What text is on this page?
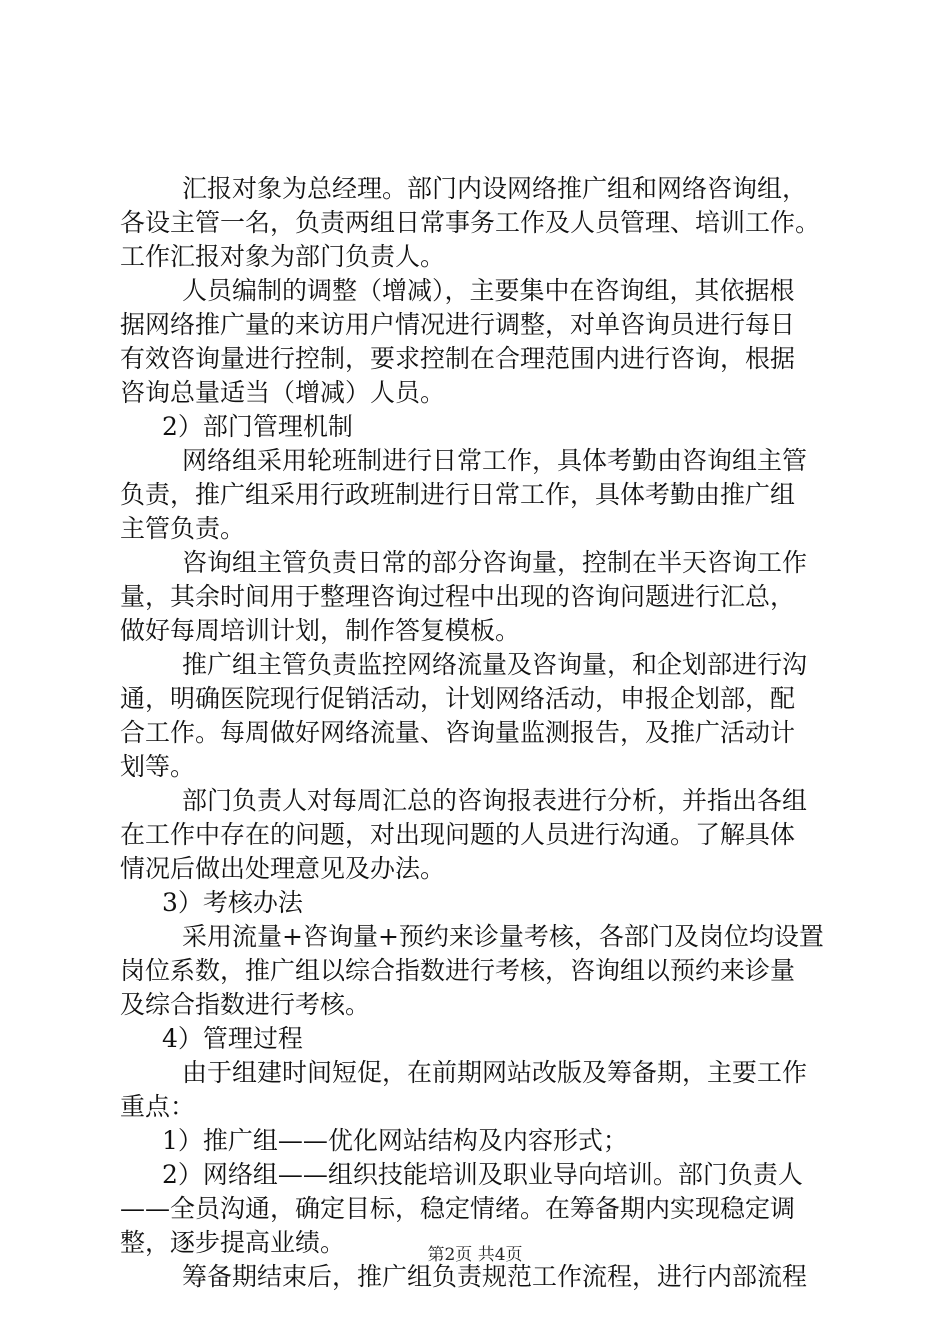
汇报对象为总经理。部门内设网络推广组和网络咨询组，
各设主管一名，负责两组日常事务工作及人员管理、培训工作。
工作汇报对象为部门负责人。
人员编制的调整（增减），主要集中在咨询组，其依据根
据网络推广量的来访用户情况进行调整，对单咨询员进行每日
有效咨询量进行控制，要求控制在合理范围内进行咨询，根据
咨询总量适当（增减）人员。
2）部门管理机制
网络组采用轮班制进行日常工作，具体考勤由咨询组主管
负责，推广组采用行政班制进行日常工作，具体考勤由推广组
主管负责。
咨询组主管负责日常的部分咨询量，控制在半天咨询工作
量，其余时间用于整理咨询过程中出现的咨询问题进行汇总，
做好每周培训计划，制作答复模板。
推广组主管负责监控网络流量及咨询量，和企划部进行沟
通，明确医院现行促销活动，计划网络活动，申报企划部，配
合工作。每周做好网络流量、咨询量监测报告，及推广活动计
划等。
部门负责人对每周汇总的咨询报表进行分析，并指出各组
在工作中存在的问题，对出现问题的人员进行沟通。了解具体
情况后做出处理意见及办法。
3）考核办法
采用流量+咨询量+预约来诊量考核，各部门及岗位均设置
岗位系数，推广组以综合指数进行考核，咨询组以预约来诊量
及综合指数进行考核。
4）管理过程
由于组建时间短促，在前期网站改版及筹备期，主要工作
重点：
1）推广组——优化网站结构及内容形式；
2）网络组——组织技能培训及职业导向培训。部门负责人
——全员沟通，确定目标，稳定情绪。在筹备期内实现稳定调
整，逐步提高业绩。
筹备期结束后，推广组负责规范工作流程，进行内部流程
第2页 共4页
